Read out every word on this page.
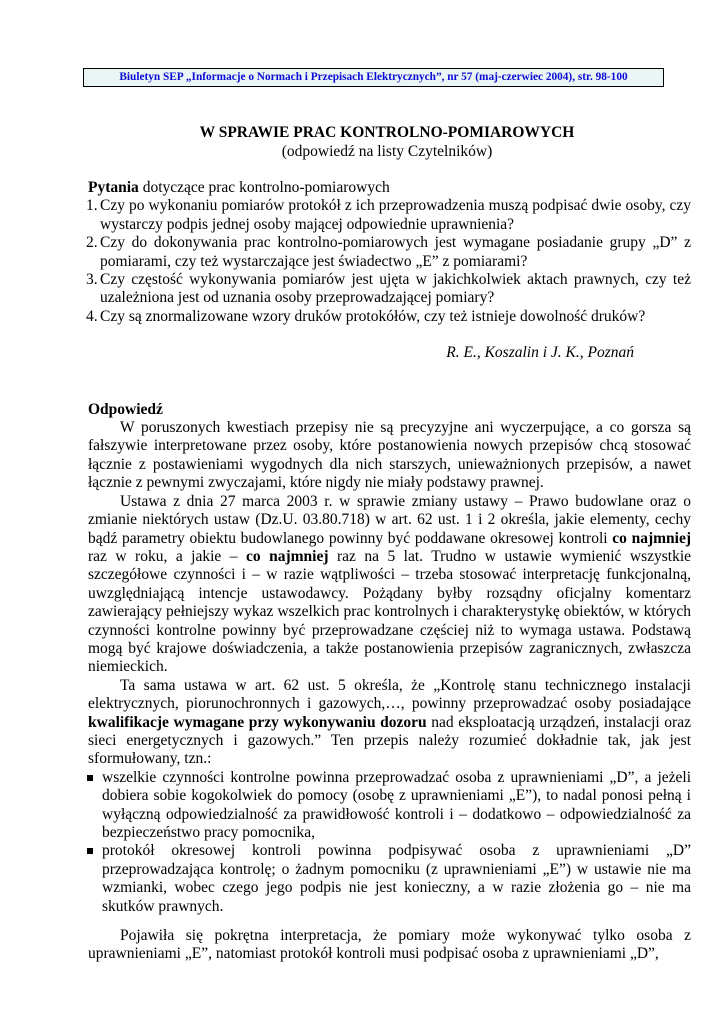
Biuletyn SEP „Informacje o Normach i Przepisach Elektrycznych”, nr 57 (maj-czerwiec 2004), str. 98-100
W SPRAWIE PRAC KONTROLNO-POMIAROWYCH
(odpowiedź na listy Czytelników)

Pytania dotyczące prac kontrolno-pomiarowych

1. Czy po wykonaniu pomiarów protokół z ich przeprowadzenia muszą podpisać dwie osoby, czy wystarczy podpis jednej osoby mającej odpowiednie uprawnienia?
2. Czy do dokonywania prac kontrolno-pomiarowych jest wymagane posiadanie grupy „D” z pomiarami, czy też wystarczające jest świadectwo „E” z pomiarami?
3. Czy częstość wykonywania pomiarów jest ujęta w jakichkolwiek aktach prawnych, czy też uzależniona jest od uznania osoby przeprowadzającej pomiary?
4. Czy są znormalizowane wzory druków protokółów, czy też istnieje dowolność druków?

R. E., Koszalin i J. K., Poznań

Odpowiedź

W poruszonych kwestiach przepisy nie są precyzyjne ani wyczerpujące, a co gorsza są fałszywie interpretowane przez osoby, które postanowienia nowych przepisów chcą stosować łącznie z postawieniami wygodnych dla nich starszych, unieważnionych przepisów, a nawet łącznie z pewnymi zwyczajami, które nigdy nie miały podstawy prawnej.

Ustawa z dnia 27 marca 2003 r. w sprawie zmiany ustawy – Prawo budowlane oraz o zmianie niektórych ustaw (Dz.U. 03.80.718) w art. 62 ust. 1 i 2 określa, jakie elementy, cechy bądź parametry obiektu budowlanego powinny być poddawane okresowej kontroli co najmniej raz w roku, a jakie – co najmniej raz na 5 lat. Trudno w ustawie wymienić wszystkie szczegółowe czynności i – w razie wątpliwości – trzeba stosować interpretację funkcjonalną, uwzględniającą intencje ustawodawcy. Pożądany byłby rozsądny oficjalny komentarz zawierający pełniejszy wykaz wszelkich prac kontrolnych i charakterystykę obiektów, w których czynności kontrolne powinny być przeprowadzane częściej niż to wymaga ustawa. Podstawą mogą być krajowe doświadczenia, a także postanowienia przepisów zagranicznych, zwłaszcza niemieckich.

Ta sama ustawa w art. 62 ust. 5 określa, że „Kontrolę stanu technicznego instalacji elektrycznych, piorunochronnych i gazowych,…, powinny przeprowadzać osoby posiadające kwalifikacje wymagane przy wykonywaniu dozoru nad eksploatacją urządzeń, instalacji oraz sieci energetycznych i gazowych.” Ten przepis należy rozumieć dokładnie tak, jak jest sformułowany, tzn.:

wszelkie czynności kontrolne powinna przeprowadzać osoba z uprawnieniami „D”, a jeżeli dobiera sobie kogokolwiek do pomocy (osobę z uprawnieniami „E”), to nadal ponosi pełną i wyłączną odpowiedzialność za prawidłowość kontroli i – dodatkowo – odpowiedzialność za bezpieczeństwo pracy pomocnika,
protokół okresowej kontroli powinna podpisywać osoba z uprawnieniami „D” przeprowadzająca kontrolę; o żadnym pomocniku (z uprawnieniami „E”) w ustawie nie ma wzmianki, wobec czego jego podpis nie jest konieczny, a w razie złożenia go – nie ma skutków prawnych.

Pojawiła się pokrętna interpretacja, że pomiary może wykonywać tylko osoba z uprawnieniami „E”, natomiast protokół kontroli musi podpisać osoba z uprawnieniami „D”,
